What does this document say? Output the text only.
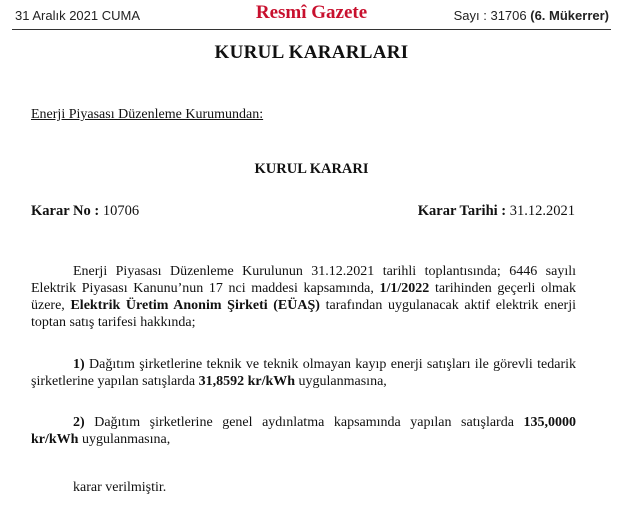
31 Aralık 2021 CUMA	Resmî Gazete	Sayı : 31706 (6. Mükerrer)
KURUL KARARLARI
Enerji Piyasası Düzenleme Kurumundan:
KURUL KARARI
Karar No : 10706	Karar Tarihi : 31.12.2021
Enerji Piyasası Düzenleme Kurulunun 31.12.2021 tarihli toplantısında; 6446 sayılı Elektrik Piyasası Kanunu’nun 17 nci maddesi kapsamında, 1/1/2022 tarihinden geçerli olmak üzere, Elektrik Üretim Anonim Şirketi (EÜAŞ) tarafından uygulanacak aktif elektrik enerji toptan satış tarifesi hakkında;
1) Dağıtım şirketlerine teknik ve teknik olmayan kayıp enerji satışları ile görevli tedarik şirketlerine yapılan satışlarda 31,8592 kr/kWh uygulanmasına,
2) Dağıtım şirketlerine genel aydınlatma kapsamında yapılan satışlarda 135,0000 kr/kWh uygulanmasına,
karar verilmiştir.
